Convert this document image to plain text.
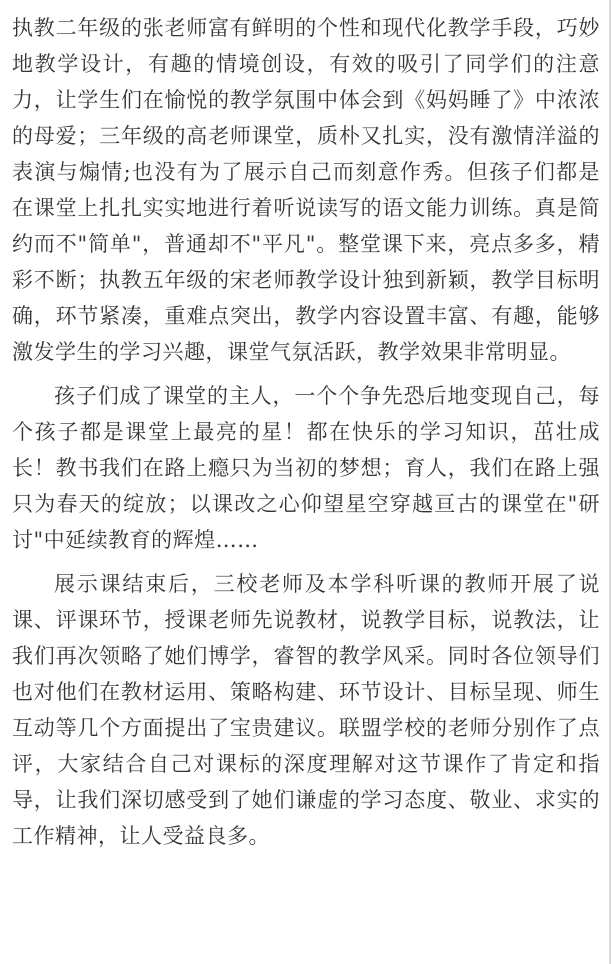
执教二年级的张老师富有鲜明的个性和现代化教学手段，巧妙地教学设计，有趣的情境创设，有效的吸引了同学们的注意力，让学生们在愉悦的教学氛围中体会到《妈妈睡了》中浓浓的母爱；三年级的高老师课堂，质朴又扎实，没有激情洋溢的表演与煽情;也没有为了展示自己而刻意作秀。但孩子们都是在课堂上扎扎实实地进行着听说读写的语文能力训练。真是简约而不"简单"，普通却不"平凡"。整堂课下来，亮点多多，精彩不断；执教五年级的宋老师教学设计独到新颖，教学目标明确，环节紧凑，重难点突出，教学内容设置丰富、有趣，能够激发学生的学习兴趣，课堂气氛活跃，教学效果非常明显。

孩子们成了课堂的主人，一个个争先恐后地变现自己，每个孩子都是课堂上最亮的星！都在快乐的学习知识，茁壮成长！教书我们在路上瘾只为当初的梦想；育人，我们在路上强只为春天的绽放；以课改之心仰望星空穿越亘古的课堂在"研讨"中延续教育的辉煌……

展示课结束后，三校老师及本学科听课的教师开展了说课、评课环节，授课老师先说教材，说教学目标，说教法，让我们再次领略了她们博学，睿智的教学风采。同时各位领导们也对他们在教材运用、策略构建、环节设计、目标呈现、师生互动等几个方面提出了宝贵建议。联盟学校的老师分别作了点评，大家结合自己对课标的深度理解对这节课作了肯定和指导，让我们深切感受到了她们谦虚的学习态度、敬业、求实的工作精神，让人受益良多。
